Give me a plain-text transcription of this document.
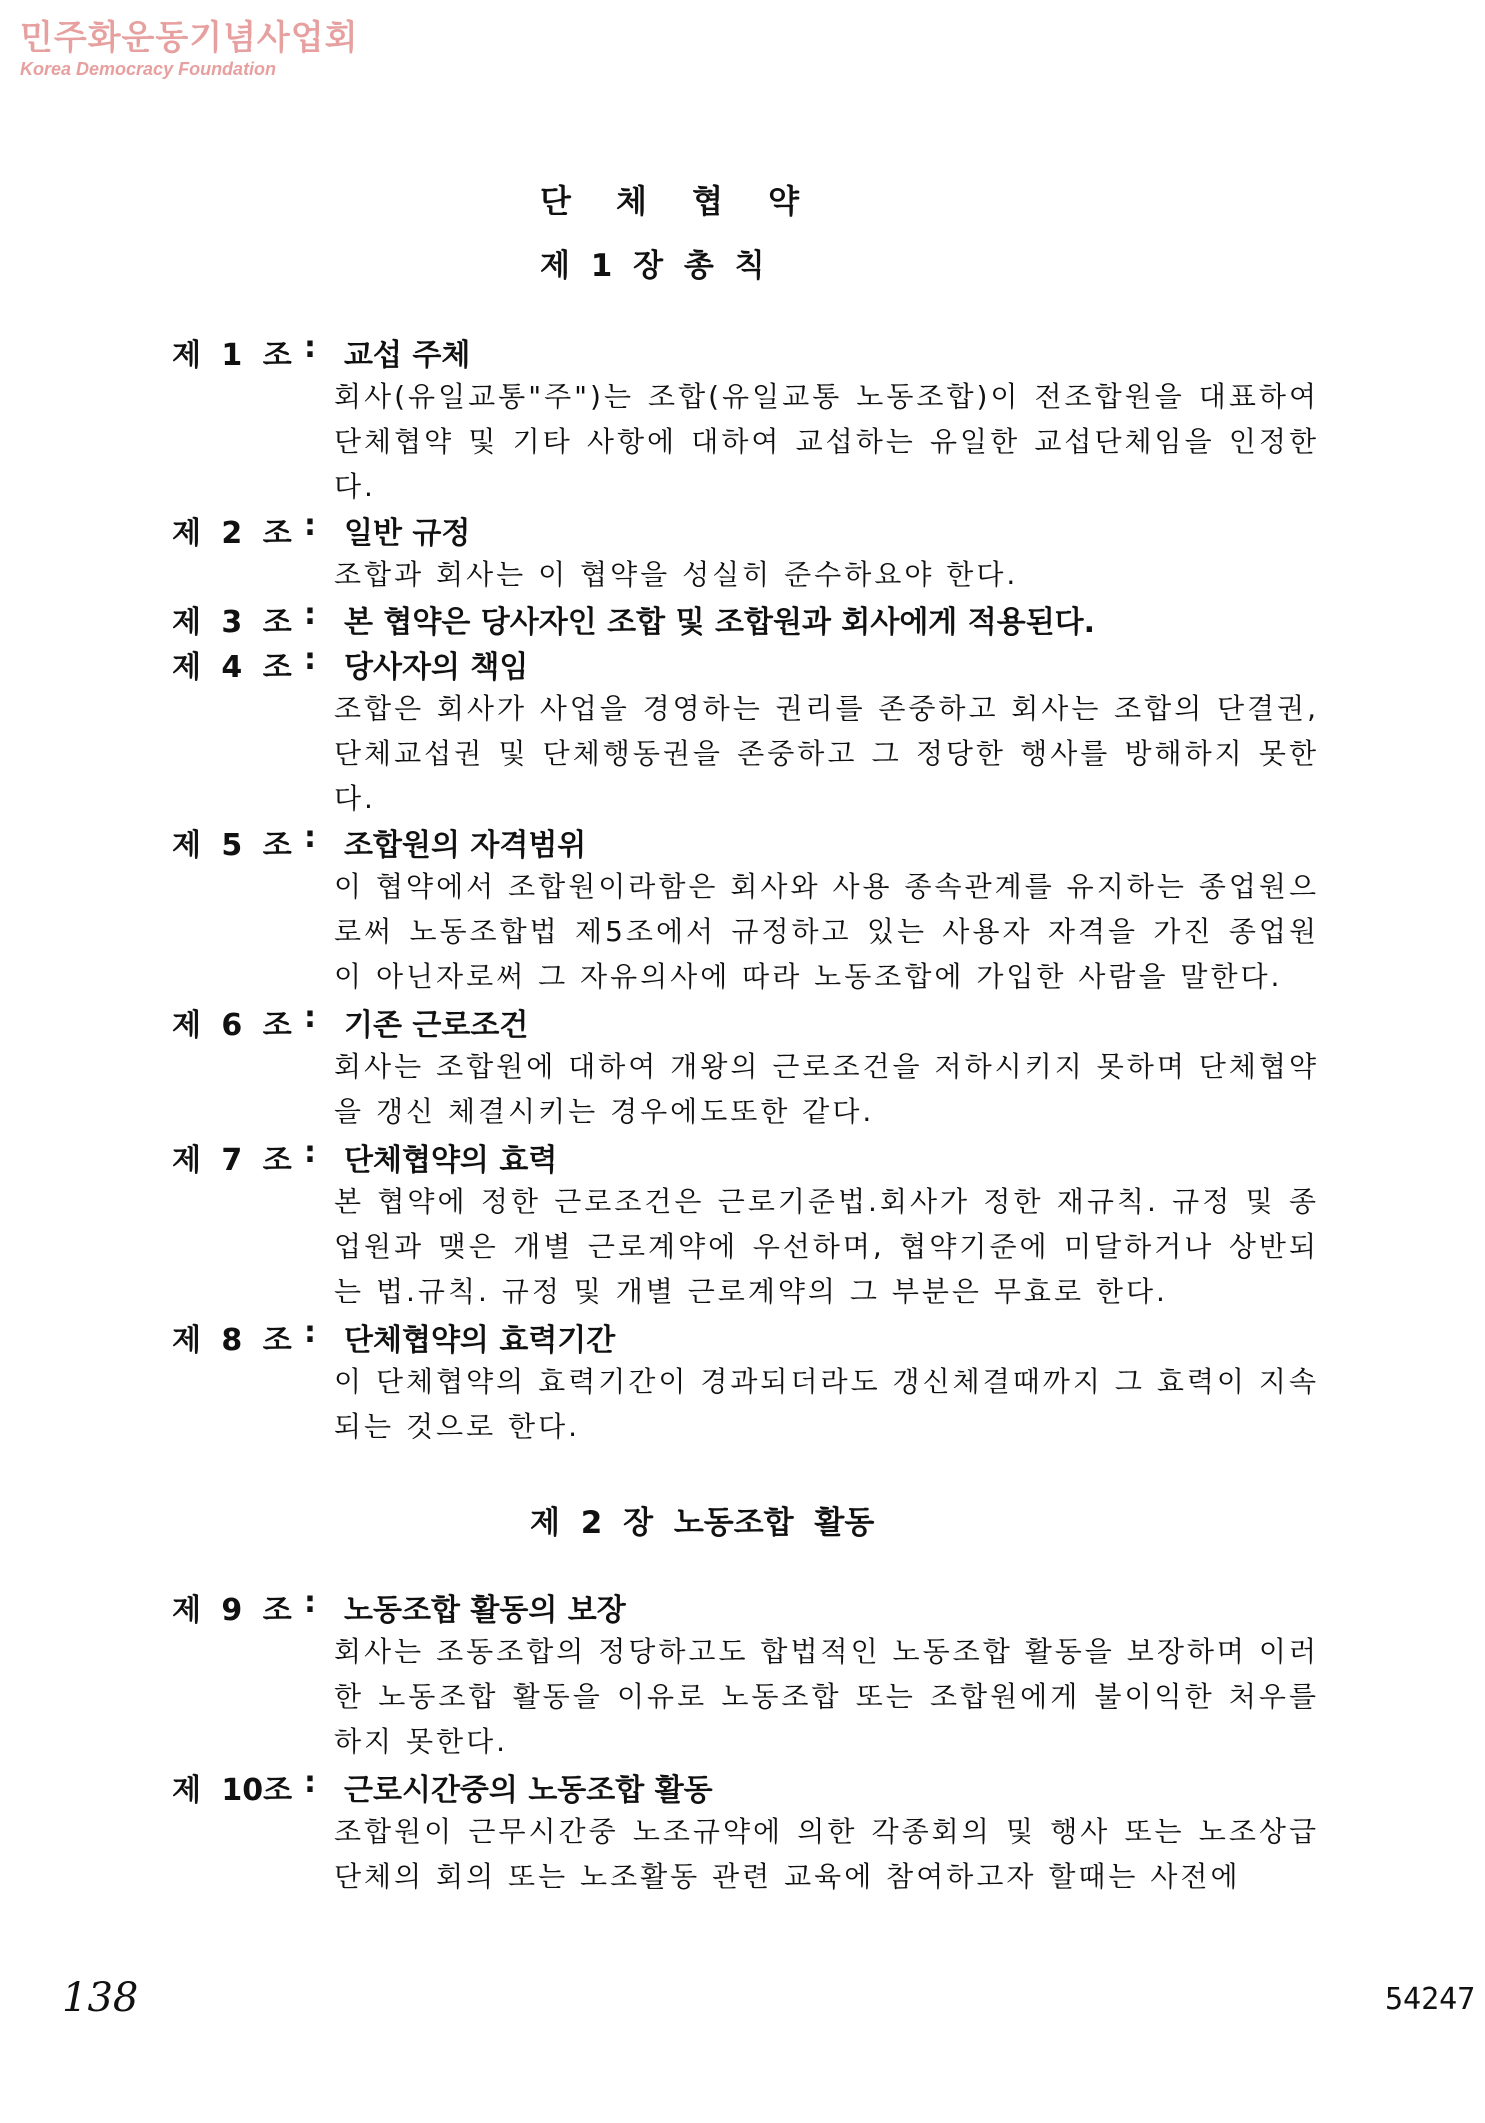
민주화운동기념사업회
Korea Democracy Foundation
단 체 협 약
제 1 장 총 칙
제 2 장 노동조합 활동
제 1 조 : 교섭 주체
회사(유일교통"주")는 조합(유일교통 노동조합)이 전조합원을 대표하여 단체협약 및 기타 사항에 대하여 교섭하는 유일한 교섭단체임을 인정한다.
제 2 조 : 일반 규정
조합과 회사는 이 협약을 성실히 준수하요야 한다.
제 3 조 : 본 협약은 당사자인 조합 및 조합원과 회사에게 적용된다.
제 4 조 : 당사자의 책임
조합은 회사가 사업을 경영하는 권리를 존중하고 회사는 조합의 단결권,단체교섭권 및 단체행동권을 존중하고 그 정당한 행사를 방해하지 못한다.
제 5 조 : 조합원의 자격범위
이 협약에서 조합원이라함은 회사와 사용 종속관계를 유지하는 종업원으로써 노동조합법 제5조에서 규정하고 있는 사용자 자격을 가진 종업원이 아닌자로써 그 자유의사에 따라 노동조합에 가입한 사람을 말한다.
제 6 조 : 기존 근로조건
회사는 조합원에 대하여 개왕의 근로조건을 저하시키지 못하며 단체협약을 갱신 체결시키는 경우에도또한 같다.
제 7 조 : 단체협약의 효력
본 협약에 정한 근로조건은 근로기준법.회사가 정한 재규칙. 규정 및 종업원과 맺은 개별 근로계약에 우선하며, 협약기준에 미달하거나 상반되는 법.규칙. 규정 및 개별 근로계약의 그 부분은 무효로 한다.
제 8 조 : 단체협약의 효력기간
이 단체협약의 효력기간이 경과되더라도 갱신체결때까지 그 효력이 지속되는 것으로 한다.
제 9 조 : 노동조합 활동의 보장
회사는 조동조합의 정당하고도 합법적인 노동조합 활동을 보장하며 이러한 노동조합 활동을 이유로 노동조합 또는 조합원에게 불이익한 처우를 하지 못한다.
제 10조 : 근로시간중의 노동조합 활동
조합원이 근무시간중 노조규약에 의한 각종회의 및 행사 또는 노조상급단체의 회의 또는 노조활동 관련 교육에 참여하고자 할때는 사전에
138	54247
